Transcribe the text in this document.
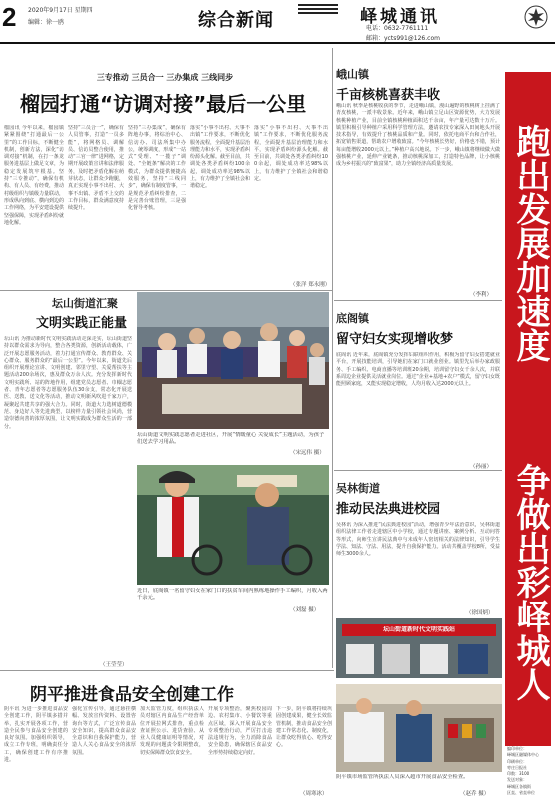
2 2020年9月17日 星期四
编辑：徐一鸥	综合新闻	峄城通讯
电话：0632-7761111
邮箱：ycts991@126.com
三专推动 三员合一 三办集成 三线同步
榴园打通“访调对接”最后一公里
榴园讯 今年以来，榴园镇紧紧围绕“打通最后一公里”的工作目标，不断健全机制，创新方法，深化“访调对接”机制，在打一条龙服务进基层上做足文章，为稳定发展筑牢根基。坚持“三专推动”，确保有机构、有人员、有经费，推动村级组织与镇级力量联动，形成纵向到底、横向到边的工作网络，为平安建设提供坚强保障，实现矛盾纠纷就地化解。
坚持“三员合一”，确保有人员管事，打造“一员多能”，将网格员、调解员、信访员整合使用，推动“三官一律”进网格，定期开展政策宣讲和法律服务，及时把矛盾化解在萌芽状态，让群众少跑腿，真正实现小事不出村、大事不出镇、矛盾不上交的工作目标，群众满意度持续提升。
坚持“三办集成”，确保有阵地办事，将综治中心、信访办、司法所集中办公，统筹调度，形成“一站式”受理、“一揽子”调处、“全链条”解决的工作模式，为群众提供便捷高效服务，坚持“三线同步”，确保有制度管事，一是规范矛盾纠纷排查，二是完善台账管理，三是强化督导考核。
落实“小事不出村、大事不出镇”工作要求，不断优化服务流程，全面提升基层治理能力和水平，实现矛盾纠纷源头化解。截至目前，共调处各类矛盾纠纷100余起，调处成功率达98%以上，有力维护了全镇社会和谐稳定。
落实“小事不出村、大事不出镇”工作要求，不断优化服务流程，全面提升基层治理能力和水平，实现矛盾纠纷源头化解。截至目前，共调处各类矛盾纠纷100余起，调处成功率达98%以上，有力维护了全镇社会和谐稳定。
（张洋 郑永刚）
坛山街道汇聚
文明实践正能量
坛山讯 为推动新时代文明实践活动走深走实，坛山街道坚持以群众需求为导向，整合各类资源，创新活动载体，广泛开展志愿服务活动，着力打通宣传群众、教育群众、关心群众、服务群众的“最后一公里”。今年以来，街道先后组织开展理论宣讲、文明创建、邻里守望、关爱帮扶等主题活动200余场次，惠及群众万余人次。充分发挥新时代文明实践所、站的阵地作用，组建党员志愿者、巾帼志愿者、青年志愿者等志愿服务队伍30余支，常态化开展送医、送教、送文化等活动，推动文明新风吹进千家万户，凝聚起共建共享的强大合力。同时，街道大力选树道德模范、身边好人等先进典型，以榜样力量引领社会风尚，营造崇德向善的浓厚氛围，让文明实践成为群众生活的一部分。
（王莹莹）
坛山街道文明实践志愿者走进社区，开展“情暖童心 关爱成长”主题活动，为孩子们送去学习用品。
（宋远伟 摄）
近日，底阁镇一名留守妇女在家门口的扶贫车间内熟练地操作手工编织，月收入两千余元。
（刘磊 摄）
峨山镇
千亩核桃喜获丰收
峨山讯 秋季是核桃收获的季节，走进峨山镇，漫山遍野的核桃树上挂满了青皮核桃，一派丰收景象。近年来，峨山镇立足山区资源优势，大力发展核桃种植产业，目前全镇核桃种植面积达千余亩，年产量可达数十万斤。镇里积极引导种植户采用科学管理方法，邀请农技专家深入田间地头开展技术指导，有效提升了核桃品质和产量。同时，依托电商平台和合作社，拓宽销售渠道，帮助农户增收致富。“今年核桃长势好，价格也不错，预计每亩能增收2000元以上。”种植户高兴地说。下一步，峨山镇将继续做大做强核桃产业，延伸产业链条，推动核桃深加工，打造特色品牌，让小核桃成为乡村振兴的“致富果”，助力全镇经济高质量发展。
（李利）
底阁镇
留守妇女实现增收梦
底阁讯 近年来，底阁镇充分发挥妇联组织作用，积极为留守妇女搭建就业平台，开展技能培训，引导她们在家门口就业创业。镇里先后举办家政服务、手工编织、电商直播等培训班20余期，培训留守妇女千余人次，并联系周边企业提供灵活就业岗位。通过“企业+基地+农户”模式，留守妇女既能照顾家庭，又能实现稳定增收，人均月收入达2000元以上。
（孙丽）
吴林街道
推动民法典进校园
吴林讯 为深入推进“民法典进校园”活动，增强青少年法治意识，吴林街道组织法律工作者走进辖区中小学校，通过专题讲座、案例分析、互动问答等形式，向师生宣讲民法典中与未成年人密切相关的法律知识，引导学生学法、知法、守法、用法，提升自我保护能力。活动共覆盖学校8所，受益师生3000余人。
（徐国炳）
坛山街道新时代文明实践站
阴平推进食品安全创建工作
阴平讯 为进一步推进食品安全创建工作，阴平镇多措并举，扎实开展各项工作，营造全民参与食品安全创建的良好氛围。加强组织领导，成立工作专班，明确责任分工，确保创建工作有序推进。
强化宣传引导，通过悬挂横幅、发放宣传资料、设置咨询台等方式，广泛宣传食品安全知识，提高群众食品安全意识和自我保护能力，营造人人关心食品安全的浓厚氛围。
加大监管力度，组织执法人员对辖区内食品生产经营单位开展拉网式排查，重点检查证照公示、进货查验、从业人员健康证明等情况，对发现的问题责令限期整改，切实保障群众饮食安全。
开展专项整治，聚焦校园周边、农村集市、小餐饮等重点区域，深入开展食品安全专项整治行动，严厉打击违法违规行为，全力消除食品安全隐患，确保辖区食品安全形势持续稳定向好。
下一步，阴平镇将持续巩固创建成果，健全长效监管机制，推动食品安全创建工作常态化、制度化，让群众吃得放心、吃得安心。
（周寒冰）
阴平镇市场监管所执法人员深入超市开展食品安全检查。
（赵乔 摄）
跑出发展加速度
争做出彩峄城人
编印单位：
峄城区融媒体中心
印刷单位：
枣庄日报社
印数：3100
发送对象：
峄城区各镇街
区直、省直单位
